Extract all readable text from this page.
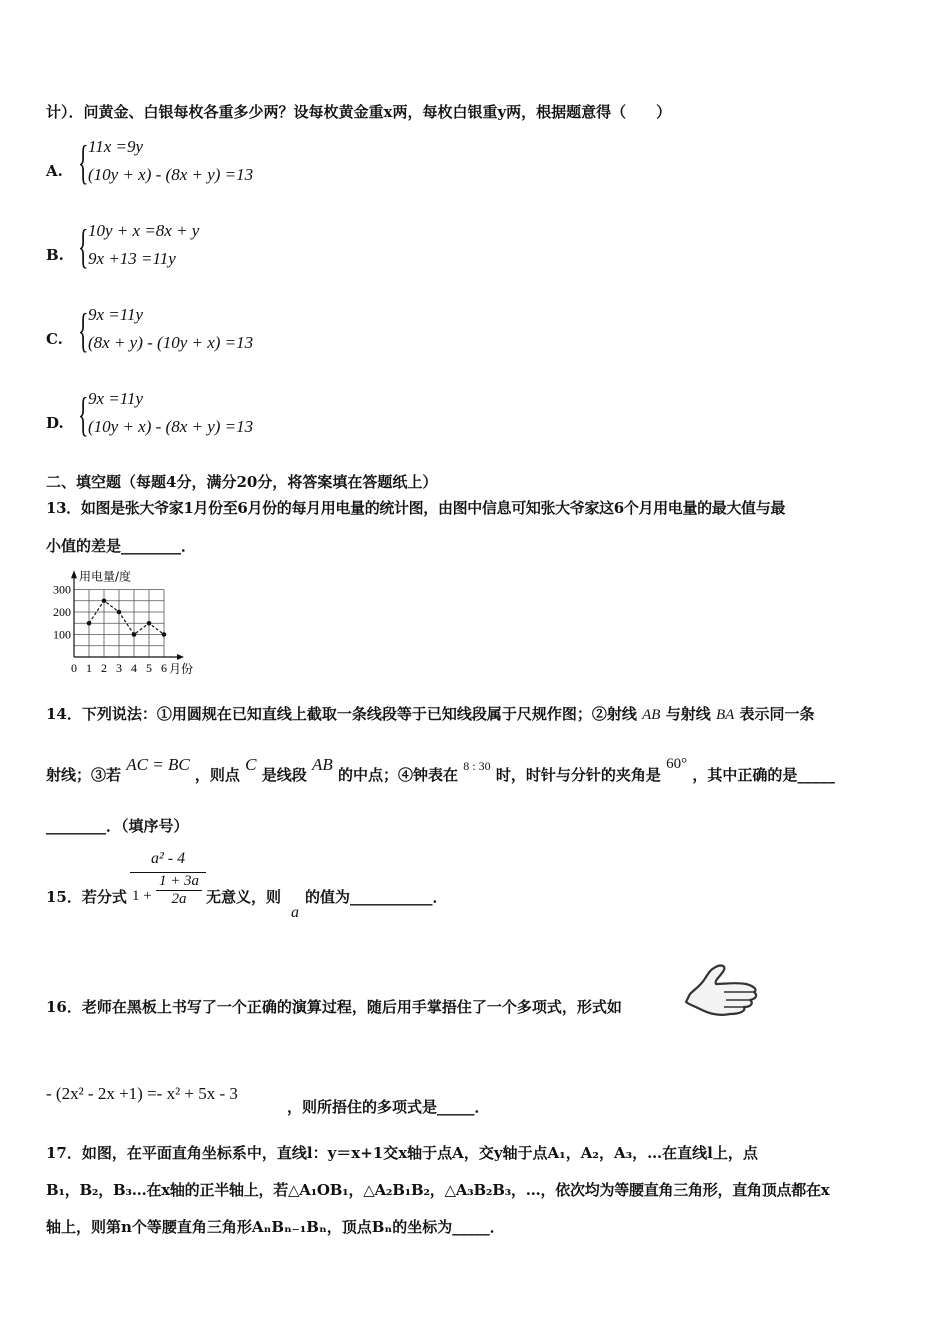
计）．问黄金、白银每枚各重多少两？设每枚黄金重x两，每枚白银重y两，根据题意得（　　）
A. { 11x =9y
(10y + x) - (8x + y) =13
B. { 10y + x =8x + y
9x +13 =11y
C. { 9x =11y
(8x + y) - (10y + x) =13
D. { 9x =11y
(10y + x) - (8x + y) =13
二、填空题（每题4分，满分20分，将答案填在答题纸上）
13．如图是张大爷家1月份至6月份的每月用电量的统计图，由图中信息可知张大爷家这6个月用电量的最大值与最
小值的差是________．
300
200
100
0 1 2 3 4 5 6
用电量/度
月份
14．下列说法：①用圆规在已知直线上截取一条线段等于已知线段属于尺规作图；②射线 AB 与射线 BA 表示同一条
射线；③若 AC = BC ，则点 C 是线段 AB 的中点；④钟表在 $^{8 : 30}$ 时，时针与分针的夹角是 60° ，其中正确的是_____
________．（填序号）
15．若分式
a² - 4
1 +
1 + 3a
2a	无意义，则
a
的值为___________．
16．老师在黑板上书写了一个正确的演算过程，随后用手掌捂住了一个多项式，形式如
- (2x² - 2x +1) =- x² + 5x - 3
，则所捂住的多项式是_____．
17．如图，在平面直角坐标系中，直线l：y＝x+1交x轴于点A，交y轴于点A₁，A₂，A₃，…在直线l上，点
B₁，B₂，B₃…在x轴的正半轴上，若△A₁OB₁，△A₂B₁B₂，△A₃B₂B₃，…，依次均为等腰直角三角形，直角顶点都在x
轴上，则第n个等腰直角三角形AₙBₙ₋₁Bₙ，顶点Bₙ的坐标为_____．
